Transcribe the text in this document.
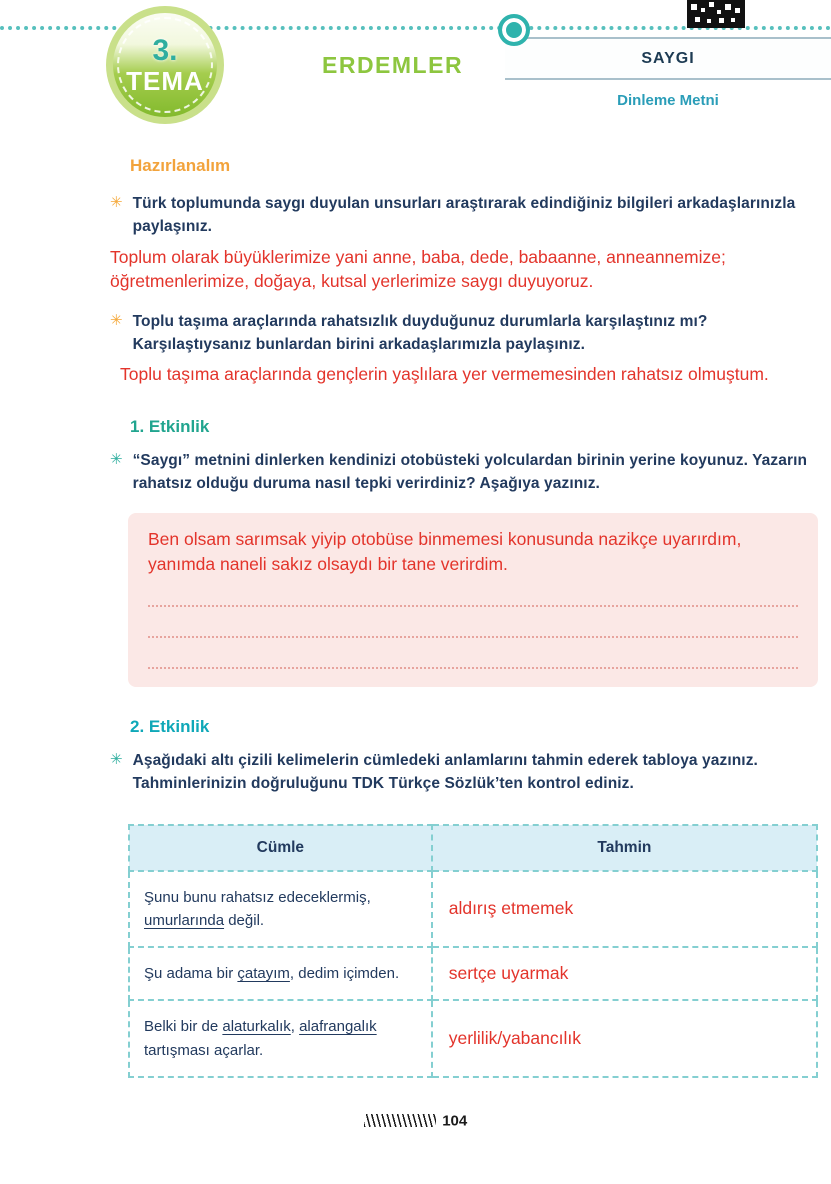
3.
TEMA
ERDEMLER	SAYGI
Dinleme Metni
Hazırlanalım
✳ Türk toplumunda saygı duyulan unsurları araştırarak edindiğiniz bilgileri arkadaşlarınızla paylaşınız.

Toplum olarak büyüklerimize yani anne, baba, dede, babaanne, anneannemize; öğretmenlerimize, doğaya, kutsal yerlerimize saygı duyuyoruz.

✳ Toplu taşıma araçlarında rahatsızlık duyduğunuz durumlarla karşılaştınız mı? Karşılaştıysanız bunlardan birini arkadaşlarımızla paylaşınız.

Toplu taşıma araçlarında gençlerin yaşlılara yer vermemesinden rahatsız olmuştum.

1. Etkinlik
✳ “Saygı” metnini dinlerken kendinizi otobüsteki yolculardan birinin yerine koyunuz. Yazarın rahatsız olduğu duruma nasıl tepki verirdiniz? Aşağıya yazınız.

Ben olsam sarımsak yiyip otobüse binmemesi konusunda nazikçe uyarırdım, yanımda naneli sakız olsaydı bir tane verirdim.

2. Etkinlik
✳ Aşağıdaki altı çizili kelimelerin cümledeki anlamlarını tahmin ederek tabloya yazınız. Tahminlerinizin doğruluğunu TDK Türkçe Sözlük’ten kontrol ediniz.

Cümle	Tahmin
Şunu bunu rahatsız edeceklermiş, umurlarında değil.	aldırış etmemek
Şu adama bir çatayım, dedim içimden.	sertçe uyarmak
Belki bir de alaturkalık, alafrangalık tartışması açarlar.	yerlilik/yabancılık
104
